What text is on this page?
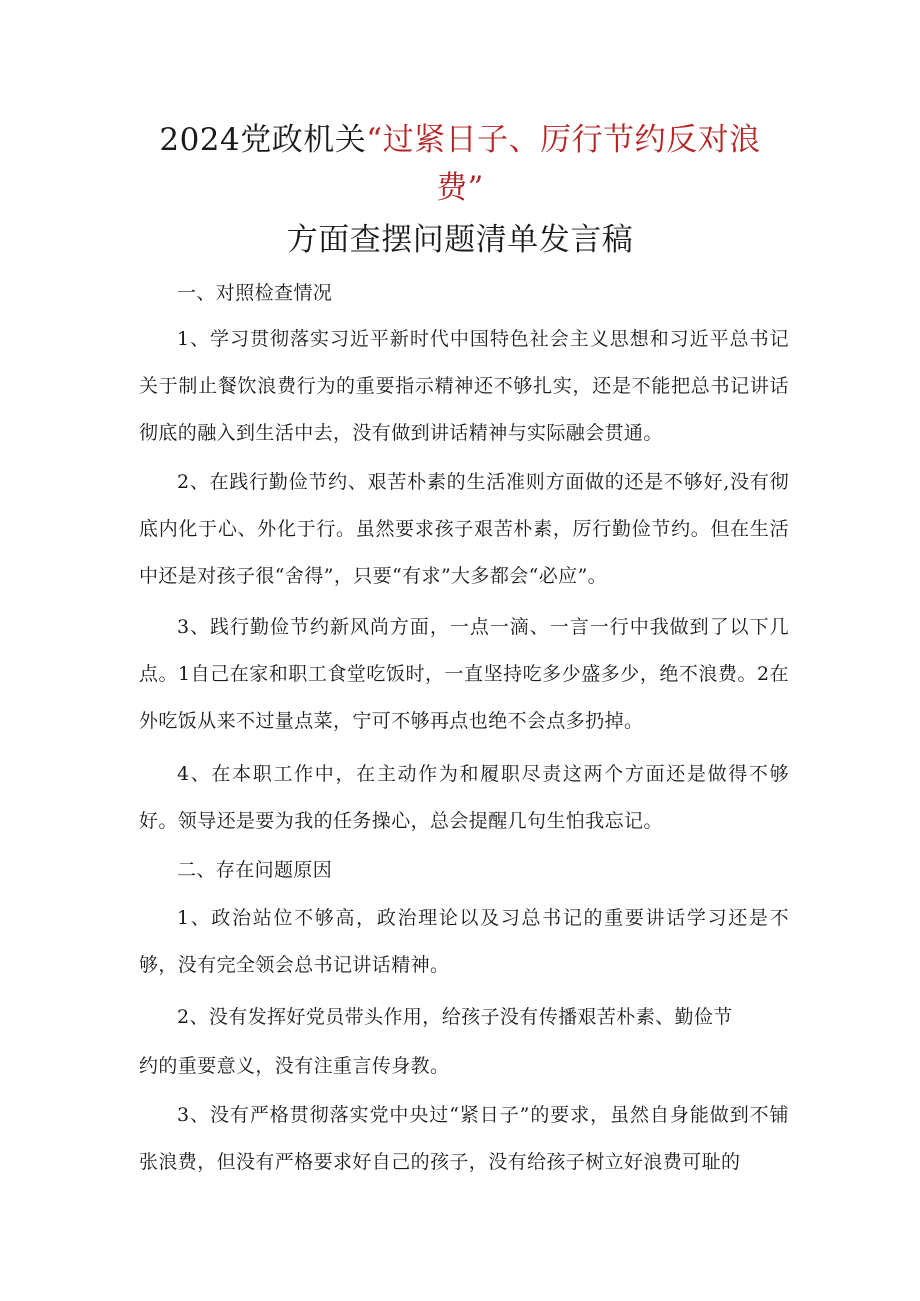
2024党政机关“过紧日子、厉行节约反对浪
费”
方面查摆问题清单发言稿
一、对照检查情况
1、学习贯彻落实习近平新时代中国特色社会主义思想和习近平总书记关于制止餐饮浪费行为的重要指示精神还不够扎实，还是不能把总书记讲话彻底的融入到生活中去，没有做到讲话精神与实际融会贯通。
2、在践行勤俭节约、艰苦朴素的生活准则方面做的还是不够好,没有彻底内化于心、外化于行。虽然要求孩子艰苦朴素，厉行勤俭节约。但在生活中还是对孩子很“舍得”，只要“有求”大多都会“必应”。
3、践行勤俭节约新风尚方面，一点一滴、一言一行中我做到了以下几点。1自己在家和职工食堂吃饭时，一直坚持吃多少盛多少，绝不浪费。2在外吃饭从来不过量点菜，宁可不够再点也绝不会点多扔掉。
4、在本职工作中，在主动作为和履职尽责这两个方面还是做得不够好。领导还是要为我的任务操心，总会提醒几句生怕我忘记。
二、存在问题原因
1、政治站位不够高，政治理论以及习总书记的重要讲话学习还是不够，没有完全领会总书记讲话精神。
2、没有发挥好党员带头作用，给孩子没有传播艰苦朴素、勤俭节
约的重要意义，没有注重言传身教。
3、没有严格贯彻落实党中央过“紧日子”的要求，虽然自身能做到不铺张浪费，但没有严格要求好自己的孩子，没有给孩子树立好浪费可耻的
